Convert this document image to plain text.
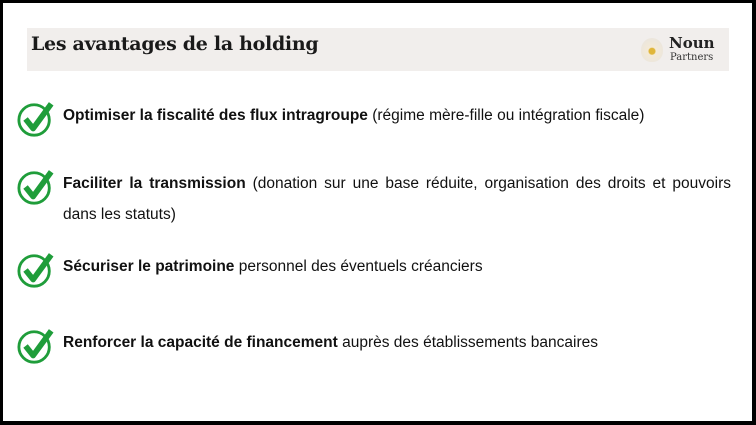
Les avantages de la holding	Noun
Partners
Optimiser la fiscalité des flux intragroupe (régime mère-fille ou intégration fiscale)
Faciliter la transmission (donation sur une base réduite, organisation des droits et pouvoirs dans les statuts)
Sécuriser le patrimoine personnel des éventuels créanciers
Renforcer la capacité de financement auprès des établissements bancaires
